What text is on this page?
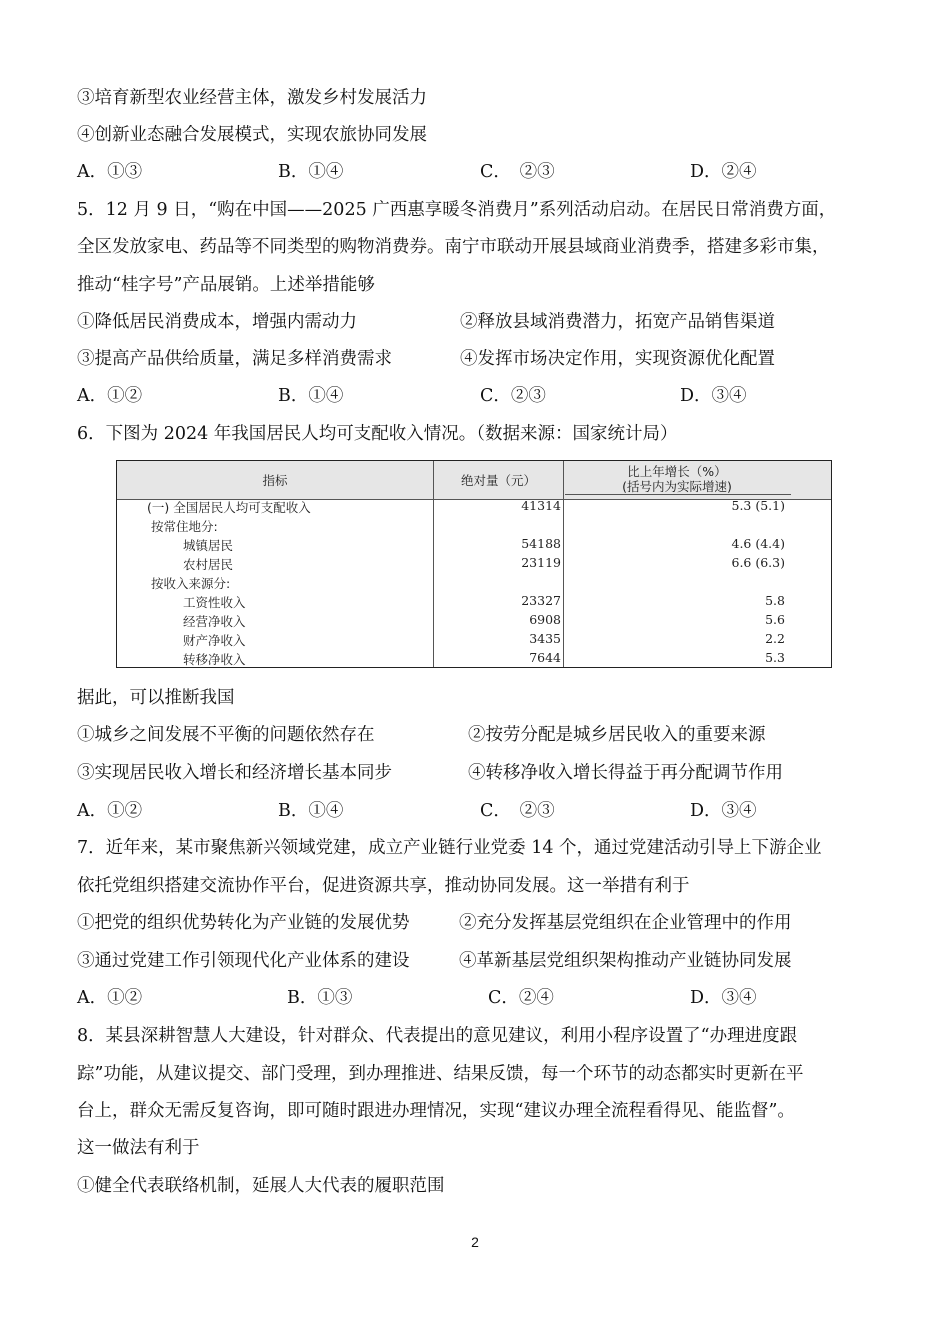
③培育新型农业经营主体，激发乡村发展活力
④创新业态融合发展模式，实现农旅协同发展
A．①③	B．①④	C．　②③	D．②④
5．12 月 9 日，“购在中国——2025 广西惠享暖冬消费月”系列活动启动。在居民日常消费方面，
全区发放家电、药品等不同类型的购物消费券。南宁市联动开展县域商业消费季，搭建多彩市集，
推动“桂字号”产品展销。上述举措能够
①降低居民消费成本，增强内需动力	②释放县域消费潜力，拓宽产品销售渠道
③提高产品供给质量，满足多样消费需求	④发挥市场决定作用，实现资源优化配置
A．①②	B．①④	C．②③	D．③④
6．下图为 2024 年我国居民人均可支配收入情况。（数据来源：国家统计局）
指标	绝对量（元）
比上年增长（%）
(括号内为实际增速)
(一) 全国居民人均可支配收入	41314	5.3 (5.1)
按常住地分:
城镇居民	54188	4.6 (4.4)
农村居民	23119	6.6 (6.3)
按收入来源分:
工资性收入	23327	5.8
经营净收入	6908	5.6
财产净收入	3435	2.2
转移净收入	7644	5.3
据此，可以推断我国
①城乡之间发展不平衡的问题依然存在	②按劳分配是城乡居民收入的重要来源
③实现居民收入增长和经济增长基本同步	④转移净收入增长得益于再分配调节作用
A．①②	B．①④	C．　②③	D．③④
7．近年来，某市聚焦新兴领域党建，成立产业链行业党委 14 个，通过党建活动引导上下游企业
依托党组织搭建交流协作平台，促进资源共享，推动协同发展。这一举措有利于
①把党的组织优势转化为产业链的发展优势	②充分发挥基层党组织在企业管理中的作用
③通过党建工作引领现代化产业体系的建设	④革新基层党组织架构推动产业链协同发展
A．①②	B．①③	C．②④	D．③④
8．某县深耕智慧人大建设，针对群众、代表提出的意见建议，利用小程序设置了“办理进度跟
踪”功能，从建议提交、部门受理，到办理推进、结果反馈，每一个环节的动态都实时更新在平
台上，群众无需反复咨询，即可随时跟进办理情况，实现“建议办理全流程看得见、能监督”。
这一做法有利于
①健全代表联络机制，延展人大代表的履职范围
2
